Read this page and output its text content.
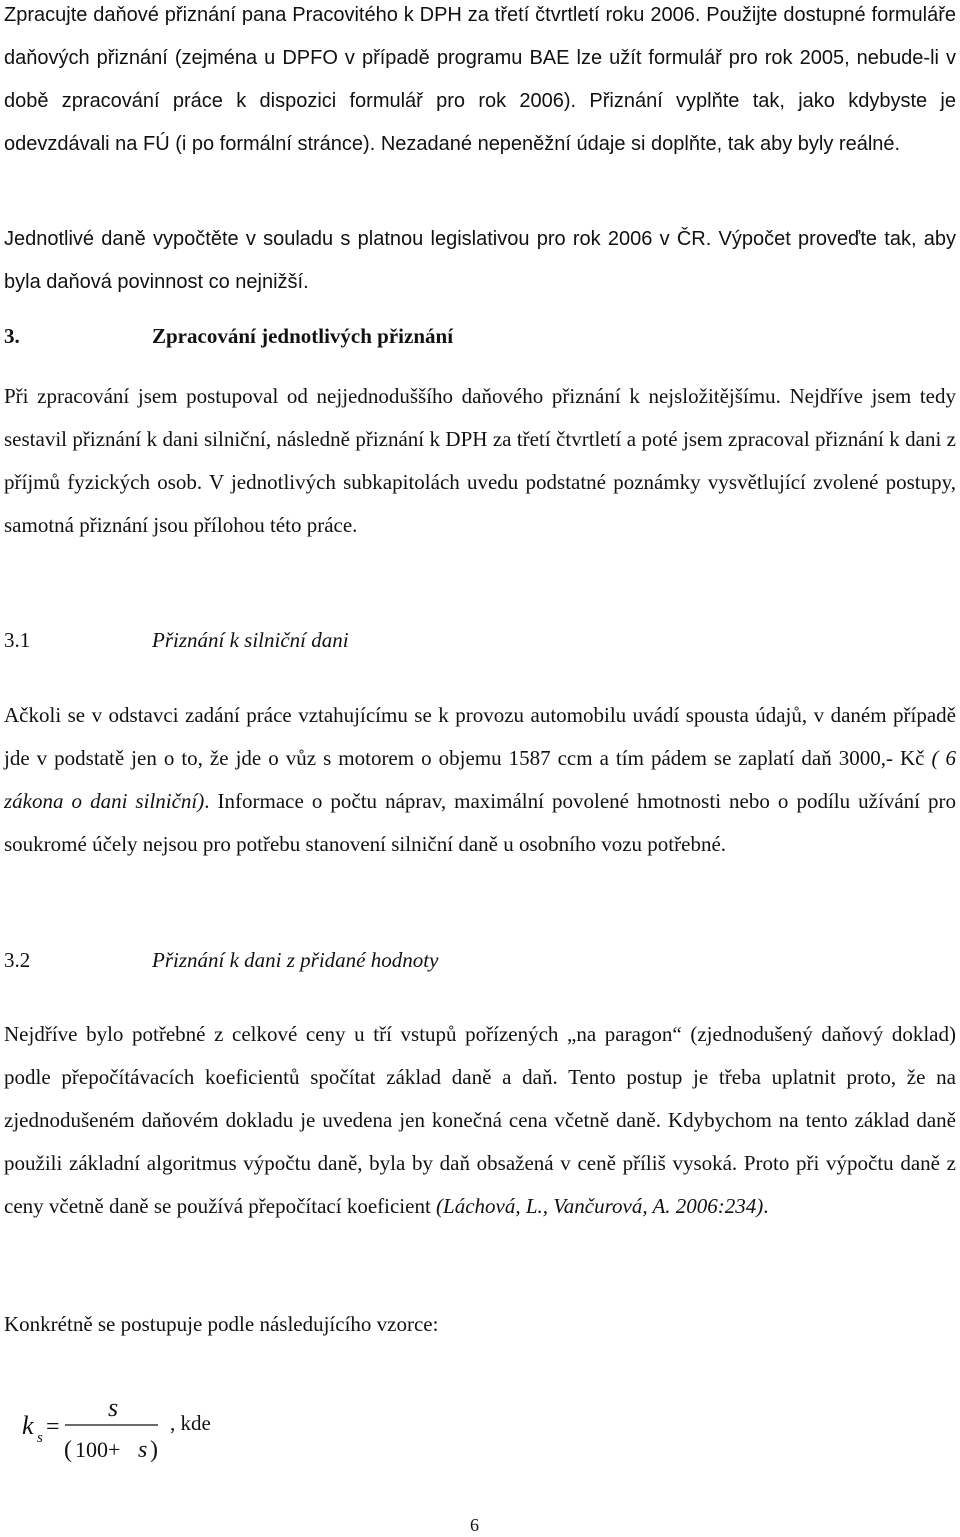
Zpracujte daňové přiznání pana Pracovitého k DPH za třetí čtvrtletí roku 2006. Použijte dostupné formuláře daňových přiznání (zejména u DPFO v případě programu BAE lze užít formulář pro rok 2005, nebude-li v době zpracování práce k dispozici formulář pro rok 2006). Přiznání vyplňte tak, jako kdybyste je odevzdávali na FÚ (i po formální stránce). Nezadané nepeněžní údaje si doplňte, tak aby byly reálné.

Jednotlivé daně vypočtěte v souladu s platnou legislativou pro rok 2006 v ČR. Výpočet proveďte tak, aby byla daňová povinnost co nejnižší.

3.	Zpracování jednotlivých přiznání

Při zpracování jsem postupoval od nejjednoduššího daňového přiznání k nejsložitějšímu. Nejdříve jsem tedy sestavil přiznání k dani silniční, následně přiznání k DPH za třetí čtvrtletí a poté jsem zpracoval přiznání k dani z příjmů fyzických osob. V jednotlivých subkapitolách uvedu podstatné poznámky vysvětlující zvolené postupy, samotná přiznání jsou přílohou této práce.

3.1	Přiznání k silniční dani

Ačkoli se v odstavci zadání práce vztahujícímu se k provozu automobilu uvádí spousta údajů, v daném případě jde v podstatě jen o to, že jde o vůz s motorem o objemu 1587 ccm a tím pádem se zaplatí daň 3000,- Kč ( 6 zákona o dani silniční). Informace o počtu náprav, maximální povolené hmotnosti nebo o podílu užívání pro soukromé účely nejsou pro potřebu stanovení silniční daně u osobního vozu potřebné.

3.2	Přiznání k dani z přidané hodnoty

Nejdříve bylo potřebné z celkové ceny u tří vstupů pořízených „na paragon“ (zjednodušený daňový doklad) podle přepočítávacích koeficientů spočítat základ daně a daň. Tento postup je třeba uplatnit proto, že na zjednodušeném daňovém dokladu je uvedena jen konečná cena včetně daně. Kdybychom na tento základ daně použili základní algoritmus výpočtu daně, byla by daň obsažená v ceně příliš vysoká. Proto při výpočtu daně z ceny včetně daně se používá přepočítací koeficient (Láchová, L., Vančurová, A. 2006:234).

Konkrétně se postupuje podle následujícího vzorce:

k s =
s
( 100+ s )
, kde

6
